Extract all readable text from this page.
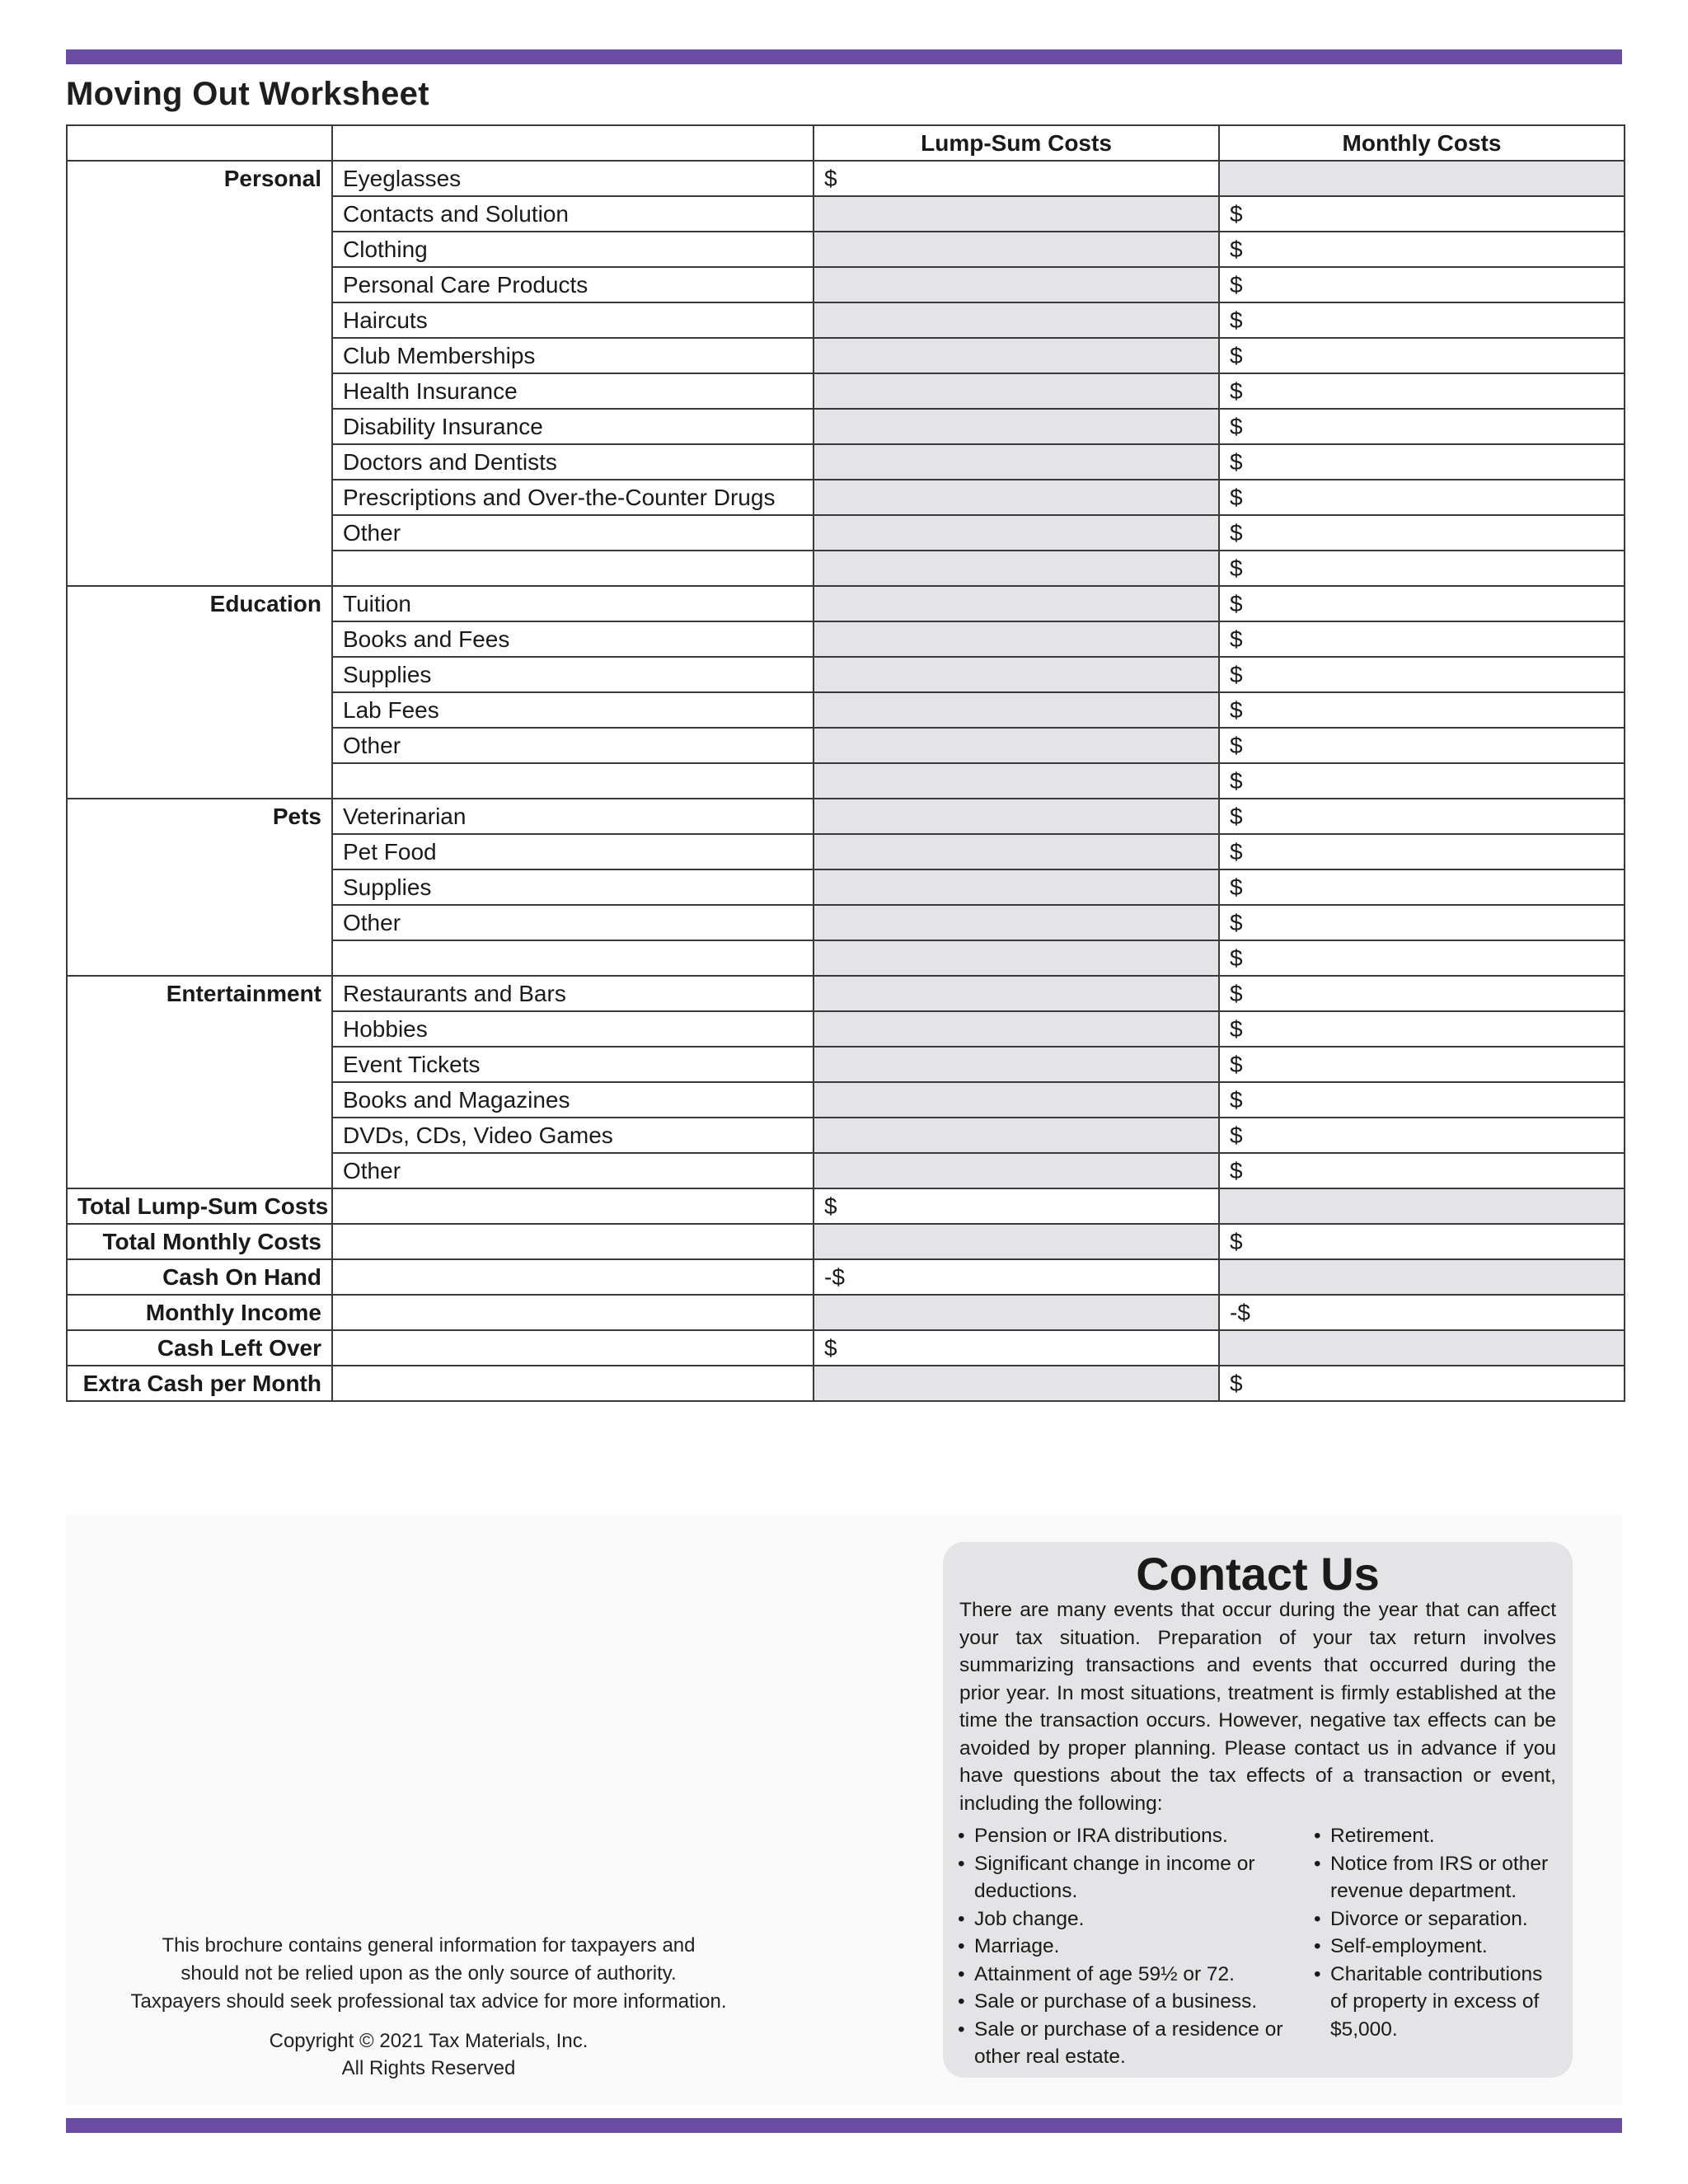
Moving Out Worksheet
		Lump-Sum Costs	Monthly Costs
Personal	Eyeglasses	$	
	Contacts and Solution		$
	Clothing		$
	Personal Care Products		$
	Haircuts		$
	Club Memberships		$
	Health Insurance		$
	Disability Insurance		$
	Doctors and Dentists		$
	Prescriptions and Over-the-Counter Drugs		$
	Other		$
			$
Education	Tuition		$
	Books and Fees		$
	Supplies		$
	Lab Fees		$
	Other		$
			$
Pets	Veterinarian		$
	Pet Food		$
	Supplies		$
	Other		$
			$
Entertainment	Restaurants and Bars		$
	Hobbies		$
	Event Tickets		$
	Books and Magazines		$
	DVDs, CDs, Video Games		$
	Other		$
Total Lump-Sum Costs		$	
Total Monthly Costs			$
Cash On Hand		-$	
Monthly Income			-$
Cash Left Over		$	
Extra Cash per Month			$
This brochure contains general information for taxpayers and
should not be relied upon as the only source of authority.
Taxpayers should seek professional tax advice for more information.
Copyright © 2021 Tax Materials, Inc.
All Rights Reserved
Contact Us
There are many events that occur during the year that can affect your tax situation. Preparation of your tax return involves summarizing transactions and events that occurred during the prior year. In most situations, treatment is firmly established at the time the transaction occurs. However, negative tax effects can be avoided by proper planning. Please contact us in advance if you have questions about the tax effects of a transaction or event, including the following:
• Pension or IRA distributions.
• Significant change in income or deductions.
• Job change.
• Marriage.
• Attainment of age 59½ or 72.
• Sale or purchase of a business.
• Sale or purchase of a residence or other real estate.
• Retirement.
• Notice from IRS or other revenue department.
• Divorce or separation.
• Self-employment.
• Charitable contributions of property in excess of $5,000.
